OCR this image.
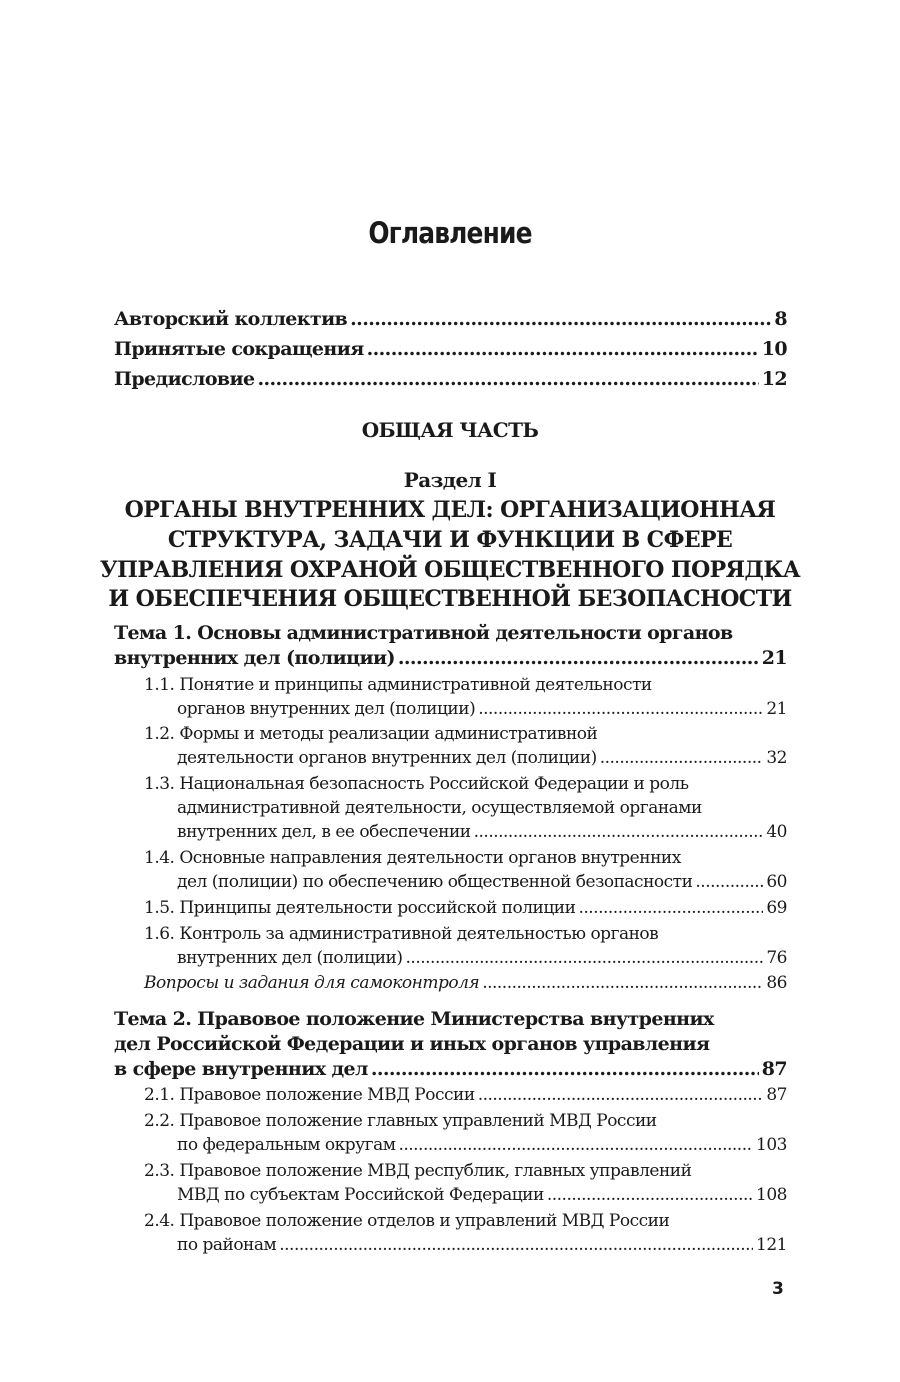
Оглавление
Авторский коллектив .....	8
Принятые сокращения .....	10
Предисловие .....	12
ОБЩАЯ ЧАСТЬ
Раздел I
ОРГАНЫ ВНУТРЕННИХ ДЕЛ: ОРГАНИЗАЦИОННАЯ
СТРУКТУРА, ЗАДАЧИ И ФУНКЦИИ В СФЕРЕ
УПРАВЛЕНИЯ ОХРАНОЙ ОБЩЕСТВЕННОГО ПОРЯДКА
И ОБЕСПЕЧЕНИЯ ОБЩЕСТВЕННОЙ БЕЗОПАСНОСТИ
Тема 1. Основы административной деятельности органов
внутренних дел (полиции) .....	21
1.1. Понятие и принципы административной деятельности
органов внутренних дел (полиции) .....	21
1.2. Формы и методы реализации административной
деятельности органов внутренних дел (полиции) .....	32
1.3. Национальная безопасность Российской Федерации и роль
административной деятельности, осуществляемой органами
внутренних дел, в ее обеспечении .....	40
1.4. Основные направления деятельности органов внутренних
дел (полиции) по обеспечению общественной безопасности .....	60
1.5. Принципы деятельности российской полиции .....	69
1.6. Контроль за административной деятельностью органов
внутренних дел (полиции) .....	76
Вопросы и задания для самоконтроля .....	86
Тема 2. Правовое положение Министерства внутренних
дел Российской Федерации и иных органов управления
в сфере внутренних дел .....	87
2.1. Правовое положение МВД России .....	87
2.2. Правовое положение главных управлений МВД России
по федеральным округам .....	103
2.3. Правовое положение МВД республик, главных управлений
МВД по субъектам Российской Федерации .....	108
2.4. Правовое положение отделов и управлений МВД России
по районам .....	121
3
